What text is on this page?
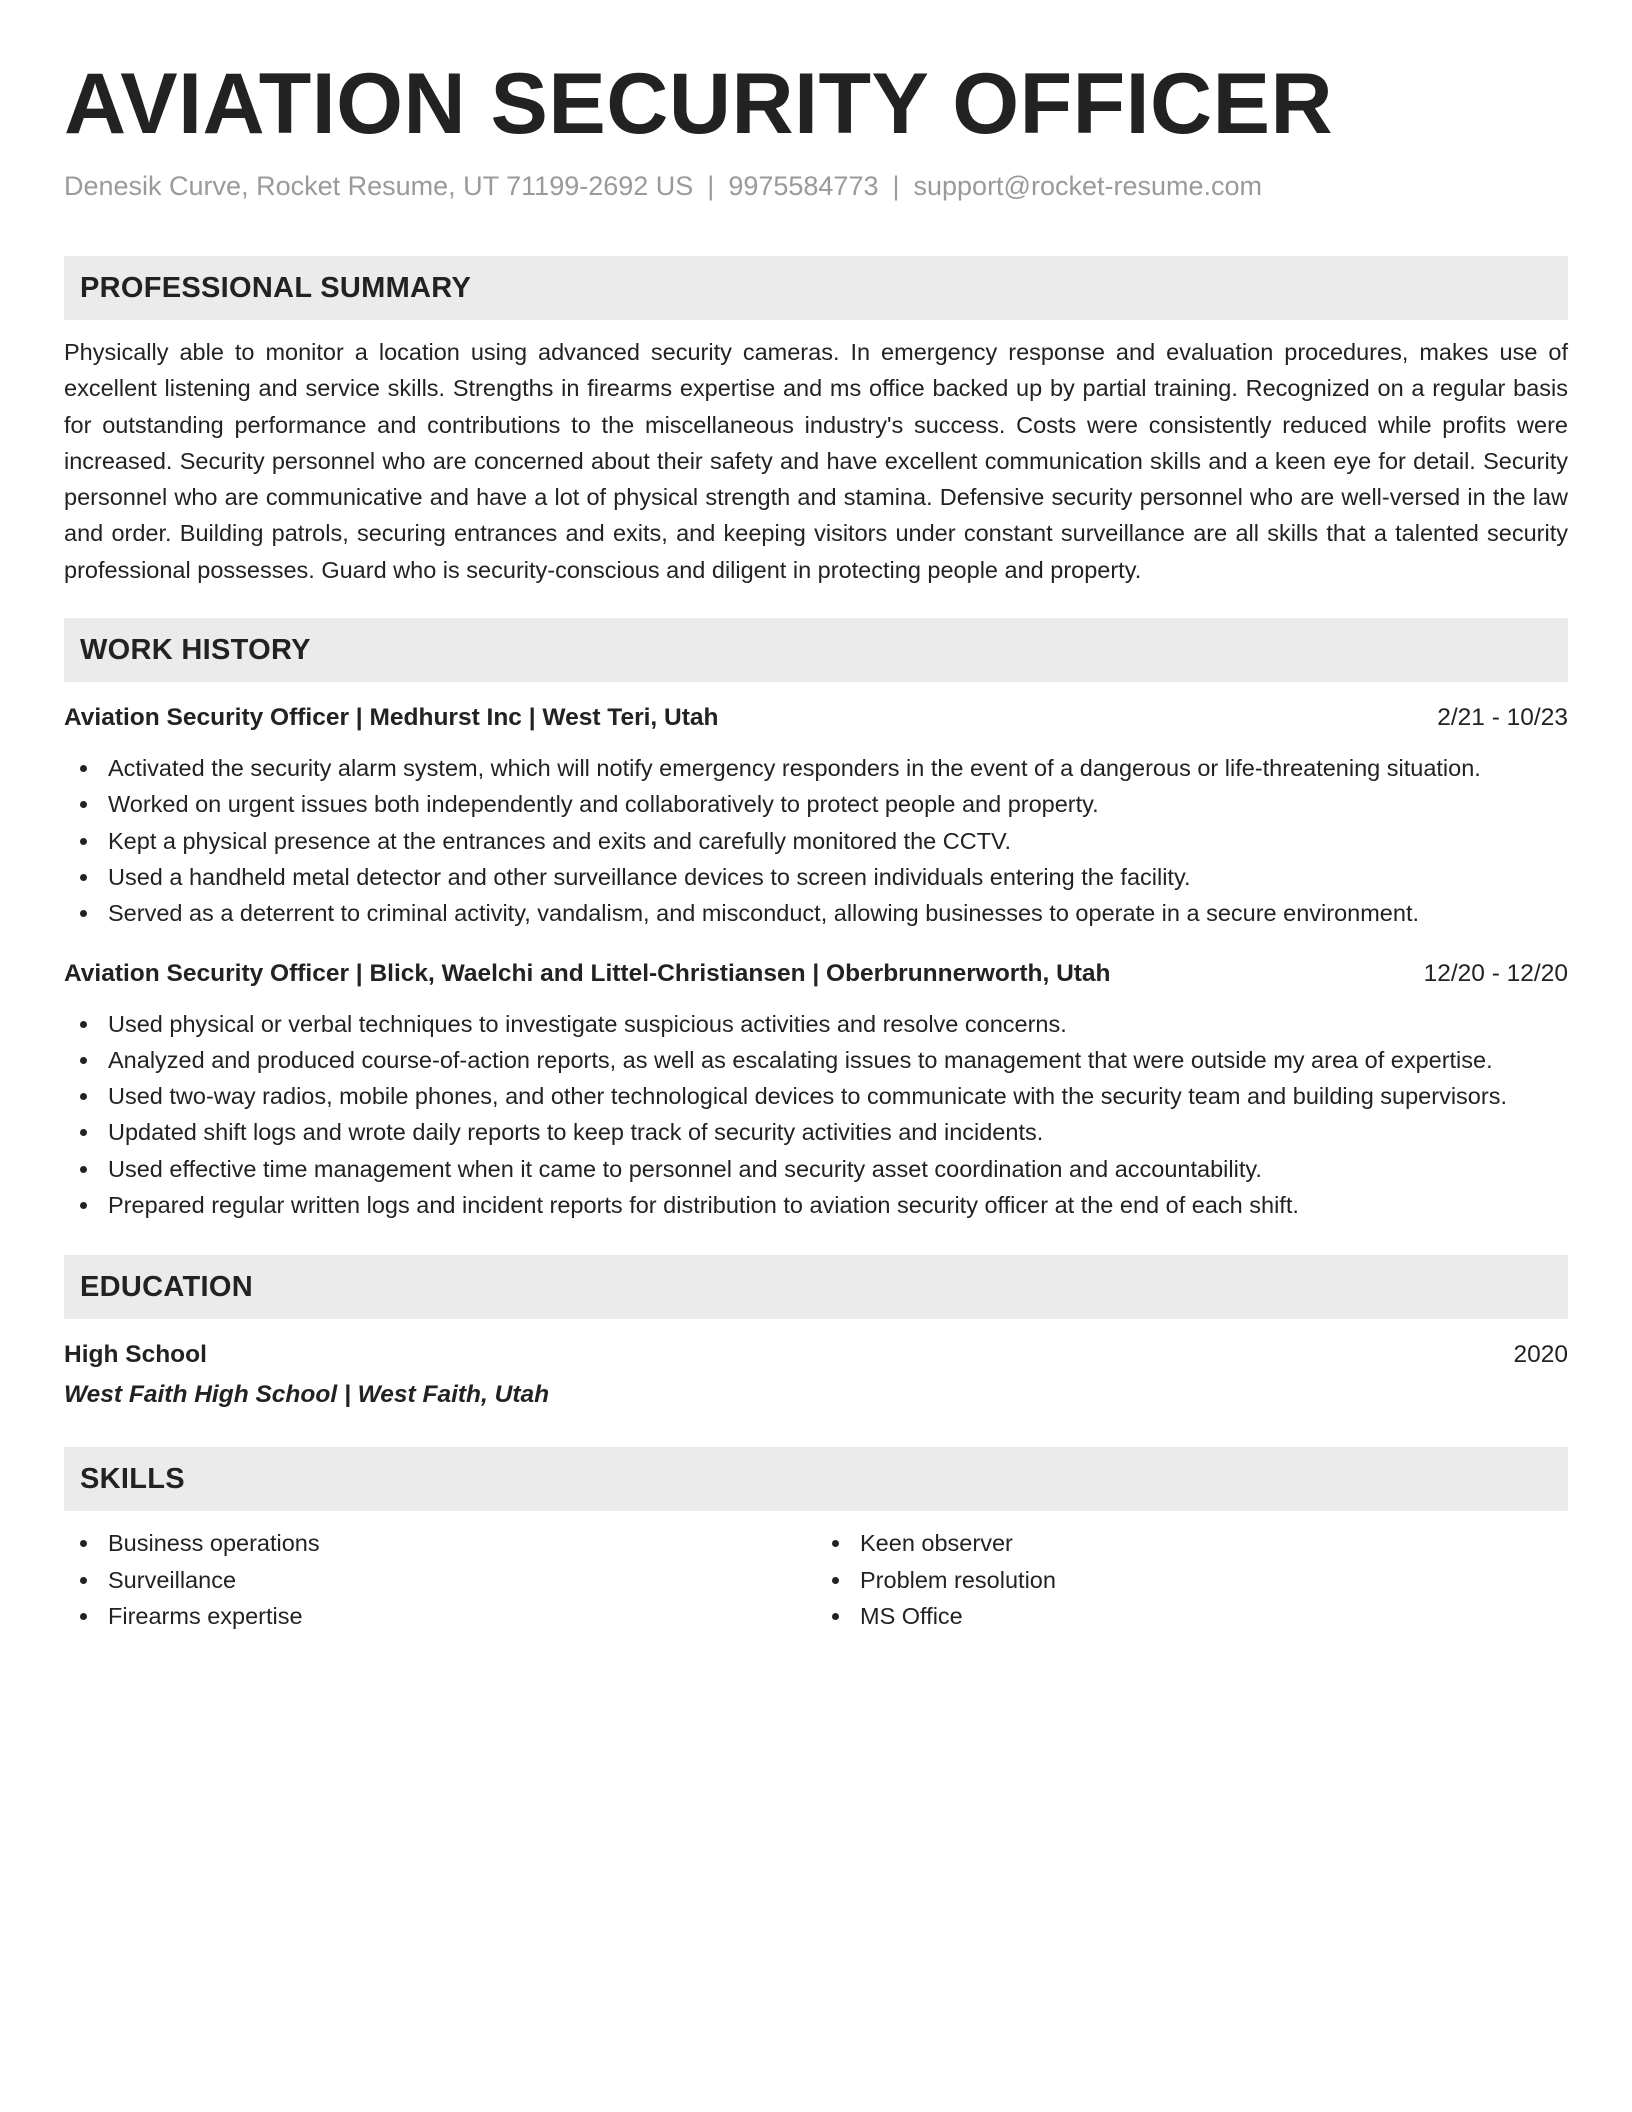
AVIATION SECURITY OFFICER
Denesik Curve, Rocket Resume, UT 71199-2692 US | 9975584773 | support@rocket-resume.com
PROFESSIONAL SUMMARY
Physically able to monitor a location using advanced security cameras. In emergency response and evaluation procedures, makes use of excellent listening and service skills. Strengths in firearms expertise and ms office backed up by partial training. Recognized on a regular basis for outstanding performance and contributions to the miscellaneous industry's success. Costs were consistently reduced while profits were increased. Security personnel who are concerned about their safety and have excellent communication skills and a keen eye for detail. Security personnel who are communicative and have a lot of physical strength and stamina. Defensive security personnel who are well-versed in the law and order. Building patrols, securing entrances and exits, and keeping visitors under constant surveillance are all skills that a talented security professional possesses. Guard who is security-conscious and diligent in protecting people and property.
WORK HISTORY
Aviation Security Officer | Medhurst Inc | West Teri, Utah	2/21 - 10/23
Activated the security alarm system, which will notify emergency responders in the event of a dangerous or life-threatening situation.
Worked on urgent issues both independently and collaboratively to protect people and property.
Kept a physical presence at the entrances and exits and carefully monitored the CCTV.
Used a handheld metal detector and other surveillance devices to screen individuals entering the facility.
Served as a deterrent to criminal activity, vandalism, and misconduct, allowing businesses to operate in a secure environment.
Aviation Security Officer | Blick, Waelchi and Littel-Christiansen | Oberbrunnerworth, Utah	12/20 - 12/20
Used physical or verbal techniques to investigate suspicious activities and resolve concerns.
Analyzed and produced course-of-action reports, as well as escalating issues to management that were outside my area of expertise.
Used two-way radios, mobile phones, and other technological devices to communicate with the security team and building supervisors.
Updated shift logs and wrote daily reports to keep track of security activities and incidents.
Used effective time management when it came to personnel and security asset coordination and accountability.
Prepared regular written logs and incident reports for distribution to aviation security officer at the end of each shift.
EDUCATION
High School	2020
West Faith High School | West Faith, Utah
SKILLS
Business operations
Surveillance
Firearms expertise
Keen observer
Problem resolution
MS Office
